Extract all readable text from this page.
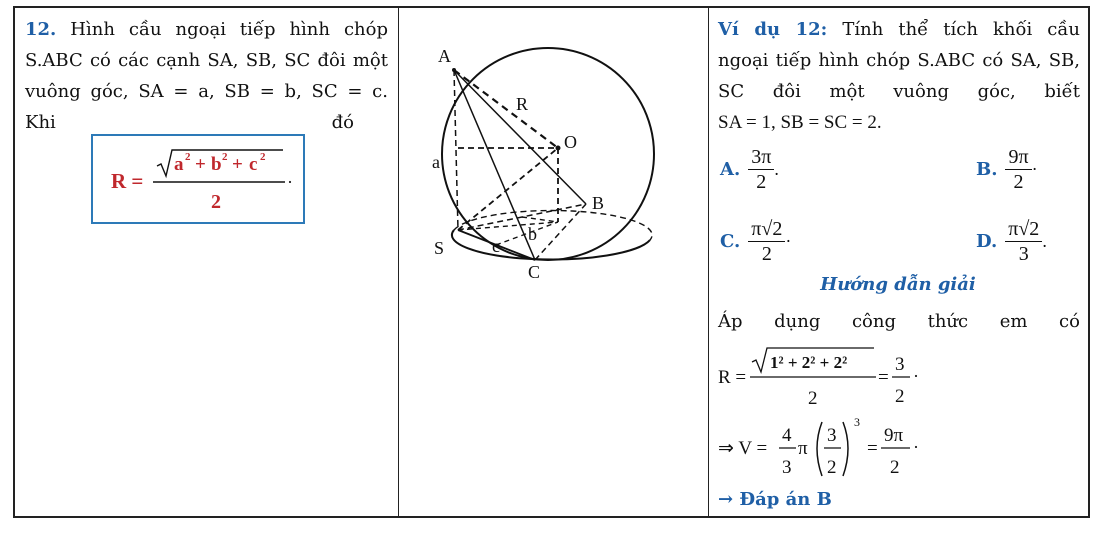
12. Hình cầu ngoại tiếp hình chóp
S.ABC có các cạnh SA, SB, SC đôi một
vuông góc, SA = a, SB = b, SC = c.
Khi	đó
R =
a 2 + b 2 + c 2
2
·
A
R
O
a
B
S
b
c
C
Ví dụ 12: Tính thể tích khối cầu
ngoại tiếp hình chóp S.ABC có SA, SB,
SC đôi một vuông góc, biết
SA = 1, SB = SC = 2.
A. $\frac{3\pi}{2}$ .	B. $\frac{9\pi}{2}$ ·
C. $\frac{\pi√2}{2}$ ·	D. $\frac{\pi√2}{3}$ .
Hướng dẫn giải
Áp dụng công thức em có
R =
1² + 2² + 2²
2
=
3
2
·
⇒ V =
4
3
π
3
2
3
=
9π
2
·
→ Đáp án B
